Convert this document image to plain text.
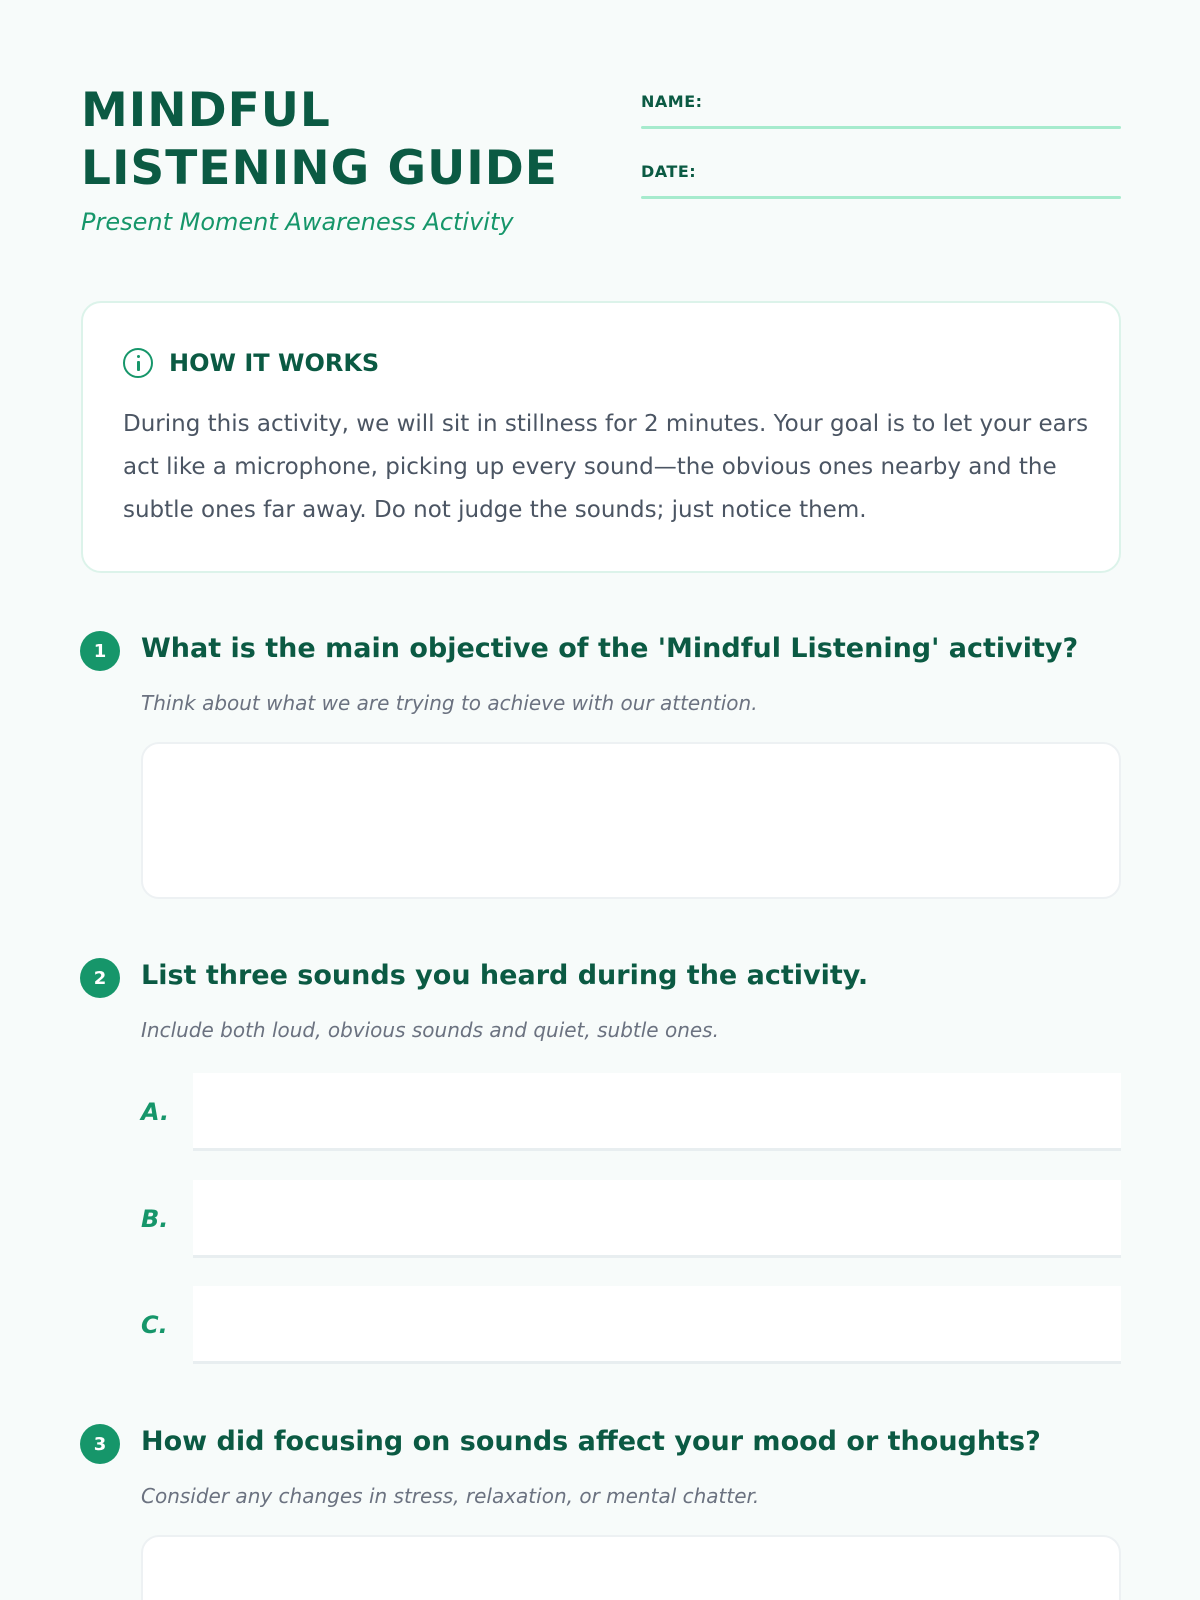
MINDFUL
LISTENING GUIDE
Present Moment Awareness Activity
NAME:
DATE:
HOW IT WORKS
During this activity, we will sit in stillness for 2 minutes. Your goal is to let your ears act like a microphone, picking up every sound—the obvious ones nearby and the subtle ones far away. Do not judge the sounds; just notice them.
1	What is the main objective of the 'Mindful Listening' activity?
Think about what we are trying to achieve with our attention.
2	List three sounds you heard during the activity.
Include both loud, obvious sounds and quiet, subtle ones.
A.
B.
C.
3	How did focusing on sounds affect your mood or thoughts?
Consider any changes in stress, relaxation, or mental chatter.
